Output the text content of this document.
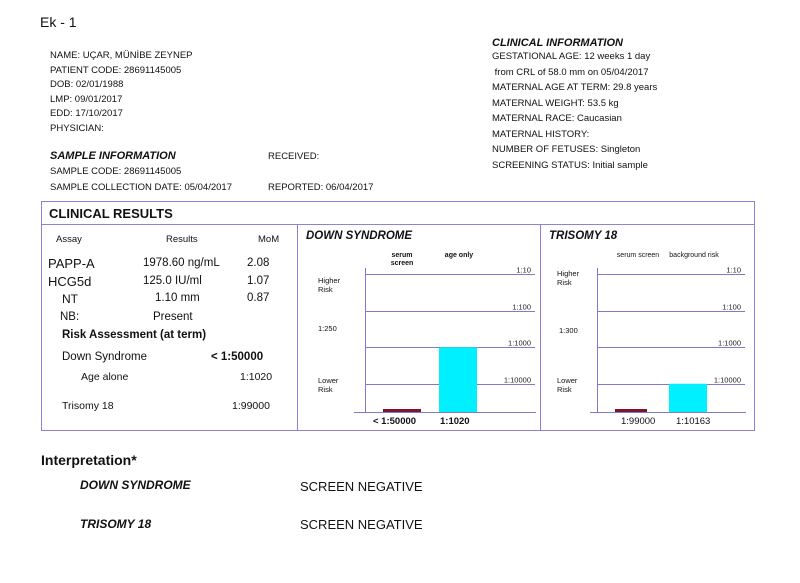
Ek - 1
NAME: UÇAR, MÜNİBE ZEYNEP
PATIENT CODE: 28691145005
DOB: 02/01/1988
LMP: 09/01/2017
EDD: 17/10/2017
PHYSICIAN:
CLINICAL INFORMATION
GESTATIONAL AGE: 12 weeks 1 day
from CRL of 58.0 mm on 05/04/2017
MATERNAL AGE AT TERM: 29.8 years
MATERNAL WEIGHT: 53.5 kg
MATERNAL RACE: Caucasian
MATERNAL HISTORY:
NUMBER OF FETUSES: Singleton
SCREENING STATUS: Initial sample
SAMPLE INFORMATION	RECEIVED:
SAMPLE CODE: 28691145005
SAMPLE COLLECTION DATE: 05/04/2017	REPORTED: 06/04/2017
CLINICAL RESULTS
Assay	Results	MoM
PAPP-A	1978.60 ng/mL 2.08
HCG5d	125.0 IU/ml	1.07
NT	1.10 mm	0.87
NB:	Present
Risk Assessment (at term)
Down Syndrome	< 1:50000
Age alone	1:1020
Trisomy 18	1:99000
DOWN SYNDROME
serum screen
age only
Higher Risk
1:250
Lower Risk
1:10
1:100
1:1000
1:10000
< 1:50000	1:1020
TRISOMY 18
serum screen	background risk
Higher Risk
1:300
Lower Risk
1:10
1:100
1:1000
1:10000
1:99000 1:10163
Interpretation*
DOWN SYNDROME	SCREEN NEGATIVE
TRISOMY 18	SCREEN NEGATIVE
